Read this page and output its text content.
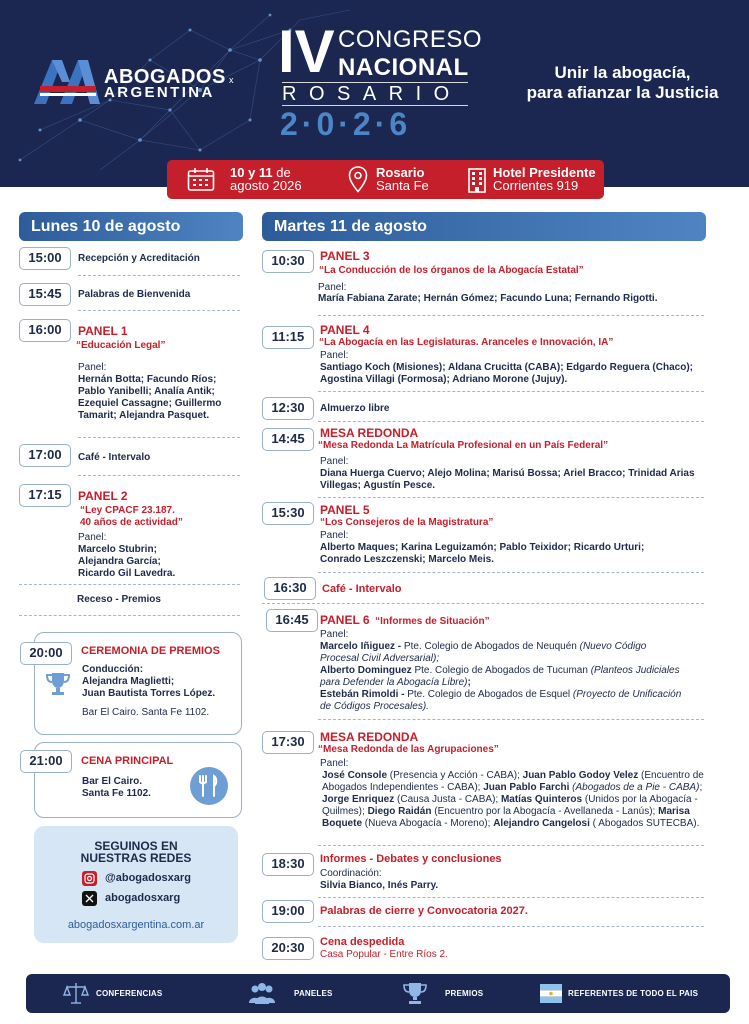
ABOGADOS x
ARGENTINA
IV CONGRESO
NACIONAL
ROSARIO
2·0·2·6
Unir la abogacía,
para afianzar la Justicia
10 y 11 de
agosto 2026
Rosario
Santa Fe
Hotel Presidente
Corrientes 919
Lunes 10 de agosto
15:00	Recepción y Acreditación
15:45	Palabras de Bienvenida
16:00	PANEL 1
“Educación Legal”
Panel:
Hernán Botta; Facundo Ríos;
Pablo Yanibelli; Analía Antik;
Ezequiel Cassagne; Guillermo
Tamarit; Alejandra Pasquet.
17:00	Café - Intervalo
17:15	PANEL 2
“Ley CPACF 23.187.
40 años de actividad”
Panel:
Marcelo Stubrin;
Alejandra García;
Ricardo Gil Lavedra.
Receso - Premios
20:00	CEREMONIA DE PREMIOS
Conducción:
Alejandra Maglietti;
Juan Bautista Torres López.
Bar El Cairo. Santa Fe 1102.
21:00	CENA PRINCIPAL
Bar El Cairo.
Santa Fe 1102.
SEGUINOS EN
NUESTRAS REDES
@abogadosxarg
abogadosxarg
abogadosxargentina.com.ar
Martes 11 de agosto
10:30	PANEL 3
“La Conducción de los órganos de la Abogacía Estatal”
Panel:
María Fabiana Zarate; Hernán Gómez; Facundo Luna; Fernando Rigotti.
11:15	PANEL 4
“La Abogacía en las Legislaturas. Aranceles e Innovación, IA”
Panel:
Santiago Koch (Misiones); Aldana Crucitta (CABA); Edgardo Reguera (Chaco);
Agostina Villagi (Formosa); Adriano Morone (Jujuy).
12:30	Almuerzo libre
14:45	MESA REDONDA
“Mesa Redonda La Matrícula Profesional en un País Federal”
Panel:
Diana Huerga Cuervo; Alejo Molina; Marisú Bossa; Ariel Bracco; Trinidad Arias
Villegas; Agustín Pesce.
15:30	PANEL 5
“Los Consejeros de la Magistratura”
Panel:
Alberto Maques; Karina Leguizamón; Pablo Teixidor; Ricardo Urturi;
Conrado Leszczenski; Marcelo Meis.
16:30	Café - Intervalo
16:45 PANEL 6 “Informes de Situación”
Panel:
Marcelo Iñiguez - Pte. Colegio de Abogados de Neuquén (Nuevo Código
Procesal Civil Adversarial);
Alberto Dominguez Pte. Colegio de Abogados de Tucuman (Planteos Judiciales
para Defender la Abogacía Libre);
Estebán Rimoldi - Pte. Colegio de Abogados de Esquel (Proyecto de Unificación
de Códigos Procesales).
17:30	MESA REDONDA
“Mesa Redonda de las Agrupaciones”
Panel:
José Console (Presencia y Acción - CABA); Juan Pablo Godoy Velez (Encuentro de
Abogados Independientes - CABA); Juan Pablo Farchi (Abogados de a Pie - CABA);
Jorge Enriquez (Causa Justa - CABA); Matías Quinteros (Unidos por la Abogacía -
Quilmes); Diego Raidán (Encuentro por la Abogacía - Avellaneda - Lanús); Marisa
Boquete (Nueva Abogacía - Moreno); Alejandro Cangelosi ( Abogados SUTECBA).
18:30	Informes - Debates y conclusiones
Coordinación:
Silvia Bianco, Inés Parry.
19:00	Palabras de cierre y Convocatoria 2027.
20:30	Cena despedida
Casa Popular - Entre Ríos 2.
CONFERENCIAS	PANELES	PREMIOS	REFERENTES DE TODO EL PAIS
